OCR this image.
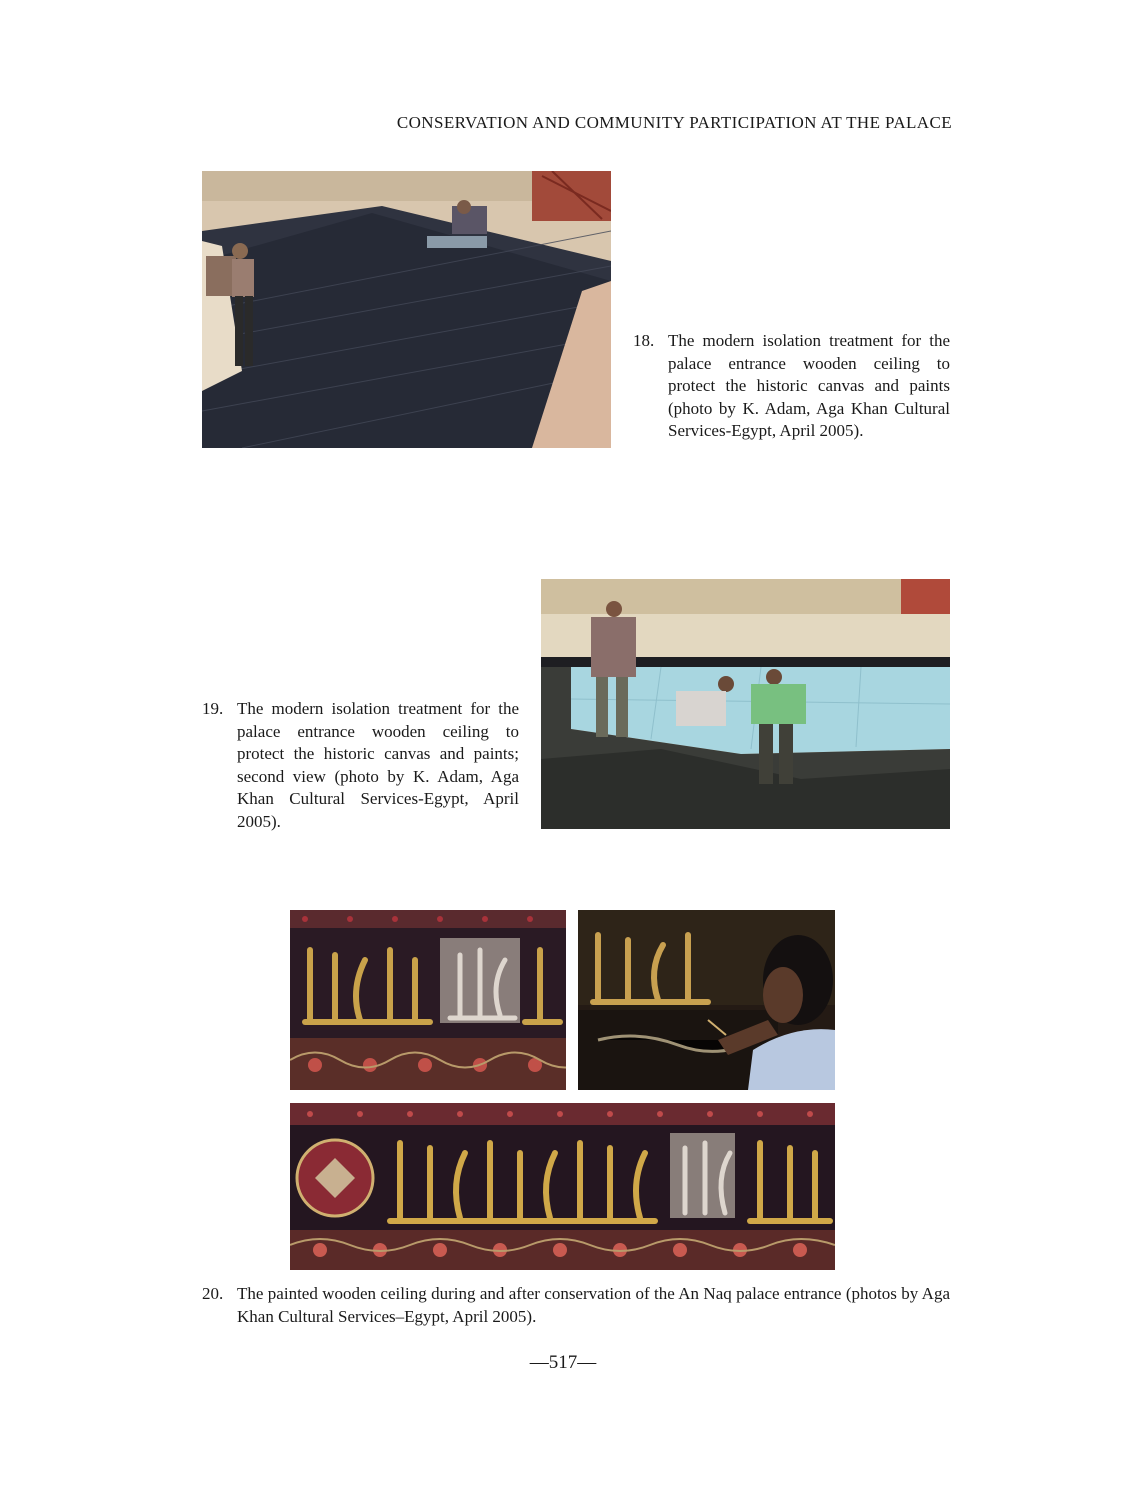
CONSERVATION AND COMMUNITY PARTICIPATION AT THE PALACE
18. The modern isolation treatment for the palace entrance wooden ceiling to protect the historic canvas and paints (photo by K. Adam, Aga Khan Cultural Services-Egypt, April 2005).
19. The modern isolation treatment for the palace entrance wooden ceiling to protect the historic canvas and paints; second view (photo by K. Adam, Aga Khan Cultural Services-Egypt, April 2005).
20. The painted wooden ceiling during and after conservation of the An Naq palace entrance (photos by Aga Khan Cultural Services–Egypt, April 2005).
—517—
